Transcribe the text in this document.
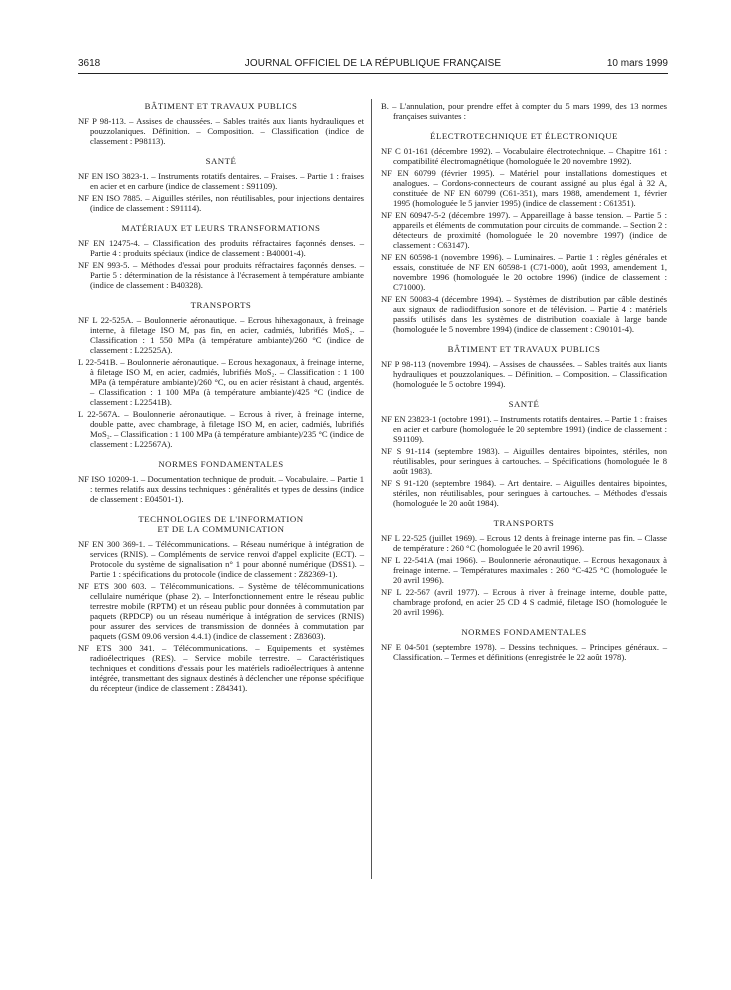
3618	JOURNAL OFFICIEL DE LA RÉPUBLIQUE FRANÇAISE	10 mars 1999
BÂTIMENT ET TRAVAUX PUBLICS

NF P 98-113. – Assises de chaussées. – Sables traités aux liants hydrauliques et pouzzolaniques. Définition. – Composition. – Classification (indice de classement : P98113).

SANTÉ

NF EN ISO 3823-1. – Instruments rotatifs dentaires. – Fraises. – Partie 1 : fraises en acier et en carbure (indice de classement : S91109).

NF EN ISO 7885. – Aiguilles stériles, non réutilisables, pour injections dentaires (indice de classement : S91114).

MATÉRIAUX ET LEURS TRANSFORMATIONS

NF EN 12475-4. – Classification des produits réfractaires façonnés denses. – Partie 4 : produits spéciaux (indice de classement : B40001-4).

NF EN 993-5. – Méthodes d'essai pour produits réfractaires façonnés denses. – Partie 5 : détermination de la résistance à l'écrasement à température ambiante (indice de classement : B40328).

TRANSPORTS

NF L 22-525A. – Boulonnerie aéronautique. – Ecrous hihexagonaux, à freinage interne, à filetage ISO M, pas fin, en acier, cadmiés, lubrifiés MoS₂. – Classification : 1 550 MPa (à température ambiante)/260 °C (indice de classement : L22525A).

L 22-541B. – Boulonnerie aéronautique. – Ecrous hexagonaux, à freinage interne, à filetage ISO M, en acier, cadmiés, lubrifiés MoS₂. – Classification : 1 100 MPa (à température ambiante)/260 °C, ou en acier résistant à chaud, argentés. – Classification : 1 100 MPa (à température ambiante)/425 °C (indice de classement : L22541B).

L 22-567A. – Boulonnerie aéronautique. – Ecrous à river, à freinage interne, double patte, avec chambrage, à filetage ISO M, en acier, cadmiés, lubrifiés MoS₂. – Classification : 1 100 MPa (à température ambiante)/235 °C (indice de classement : L22567A).

NORMES FONDAMENTALES

NF ISO 10209-1. – Documentation technique de produit. – Vocabulaire. – Partie 1 : termes relatifs aux dessins techniques : généralités et types de dessins (indice de classement : E04501-1).

TECHNOLOGIES DE L'INFORMATION
ET DE LA COMMUNICATION

NF EN 300 369-1. – Télécommunications. – Réseau numérique à intégration de services (RNIS). – Compléments de service renvoi d'appel explicite (ECT). – Protocole du système de signalisation n° 1 pour abonné numérique (DSS1). – Partie 1 : spécifications du protocole (indice de classement : Z82369-1).

NF ETS 300 603. – Télécommunications. – Système de télécommunications cellulaire numérique (phase 2). – Interfonctionnement entre le réseau public terrestre mobile (RPTM) et un réseau public pour données à commutation par paquets (RPDCP) ou un réseau numérique à intégration de services (RNIS) pour assurer des services de transmission de données à commutation par paquets (GSM 09.06 version 4.4.1) (indice de classement : Z83603).

NF ETS 300 341. – Télécommunications. – Equipements et systèmes radioélectriques (RES). – Service mobile terrestre. – Caractéristiques techniques et conditions d'essais pour les matériels radioélectriques à antenne intégrée, transmettant des signaux destinés à déclencher une réponse spécifique du récepteur (indice de classement : Z84341).

B. – L'annulation, pour prendre effet à compter du 5 mars 1999, des 13 normes françaises suivantes :

ÉLECTROTECHNIQUE ET ÉLECTRONIQUE

NF C 01-161 (décembre 1992). – Vocabulaire électrotechnique. – Chapitre 161 : compatibilité électromagnétique (homologuée le 20 novembre 1992).

NF EN 60799 (février 1995). – Matériel pour installations domestiques et analogues. – Cordons-connecteurs de courant assigné au plus égal à 32 A, constituée de NF EN 60799 (C61-351), mars 1988, amendement 1, février 1995 (homologuée le 5 janvier 1995) (indice de classement : C61351).

NF EN 60947-5-2 (décembre 1997). – Appareillage à basse tension. – Partie 5 : appareils et éléments de commutation pour circuits de commande. – Section 2 : détecteurs de proximité (homologuée le 20 novembre 1997) (indice de classement : C63147).

NF EN 60598-1 (novembre 1996). – Luminaires. – Partie 1 : règles générales et essais, constituée de NF EN 60598-1 (C71-000), août 1993, amendement 1, novembre 1996 (homologuée le 20 octobre 1996) (indice de classement : C71000).

NF EN 50083-4 (décembre 1994). – Systèmes de distribution par câble destinés aux signaux de radiodiffusion sonore et de télévision. – Partie 4 : matériels passifs utilisés dans les systèmes de distribution coaxiale à large bande (homologuée le 5 novembre 1994) (indice de classement : C90101-4).

BÂTIMENT ET TRAVAUX PUBLICS

NF P 98-113 (novembre 1994). – Assises de chaussées. – Sables traités aux liants hydrauliques et pouzzolaniques. – Définition. – Composition. – Classification (homologuée le 5 octobre 1994).

SANTÉ

NF EN 23823-1 (octobre 1991). – Instruments rotatifs dentaires. – Partie 1 : fraises en acier et carbure (homologuée le 20 septembre 1991) (indice de classement : S91109).

NF S 91-114 (septembre 1983). – Aiguilles dentaires bipointes, stériles, non réutilisables, pour seringues à cartouches. – Spécifications (homologuée le 8 août 1983).

NF S 91-120 (septembre 1984). – Art dentaire. – Aiguilles dentaires bipointes, stériles, non réutilisables, pour seringues à cartouches. – Méthodes d'essais (homologuée le 20 août 1984).

TRANSPORTS

NF L 22-525 (juillet 1969). – Ecrous 12 dents à freinage interne pas fin. – Classe de température : 260 °C (homologuée le 20 avril 1996).

NF L 22-541A (mai 1966). – Boulonnerie aéronautique. – Ecrous hexagonaux à freinage interne. – Températures maximales : 260 °C-425 °C (homologuée le 20 avril 1996).

NF L 22-567 (avril 1977). – Ecrous à river à freinage interne, double patte, chambrage profond, en acier 25 CD 4 S cadmié, filetage ISO (homologuée le 20 avril 1996).

NORMES FONDAMENTALES

NF E 04-501 (septembre 1978). – Dessins techniques. – Principes généraux. – Classification. – Termes et définitions (enregistrée le 22 août 1978).
